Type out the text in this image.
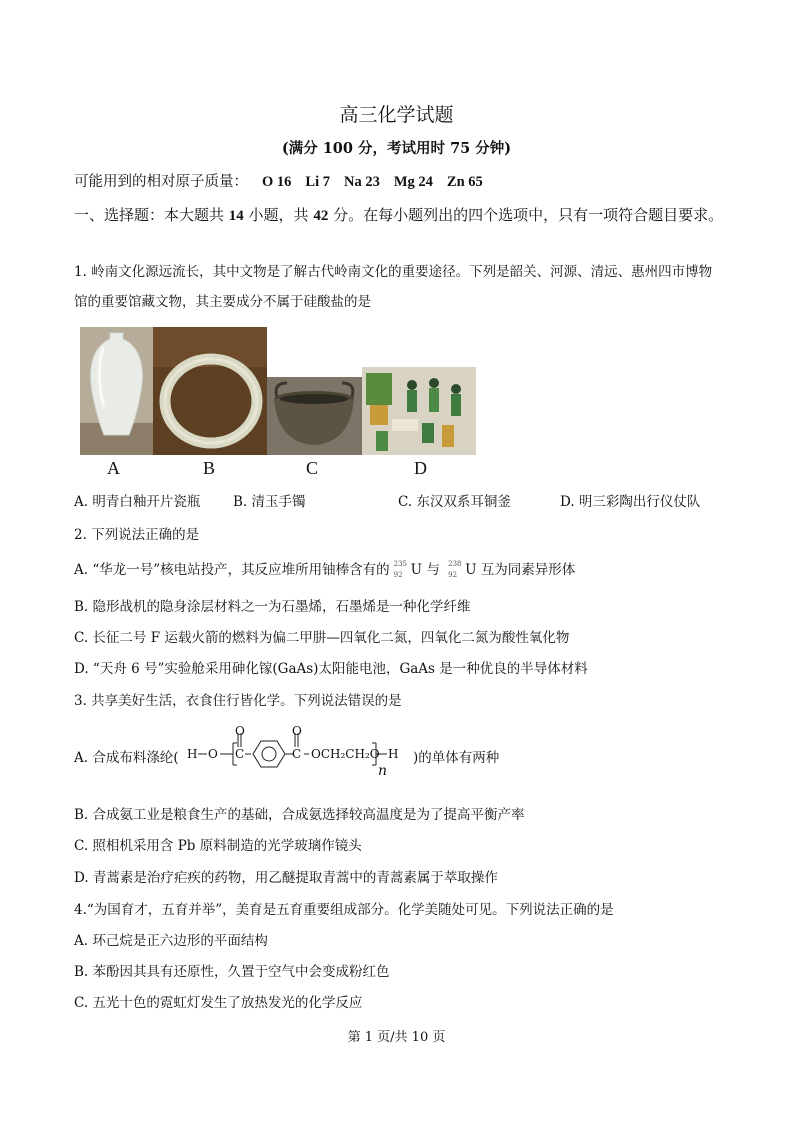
高三化学试题
(满分 100 分，考试用时 75 分钟)
可能用到的相对原子质量： O 16 Li 7 Na 23 Mg 24 Zn 65
一、选择题：本大题共 14 小题，共 42 分。在每小题列出的四个选项中，只有一项符合题目要求。
1. 岭南文化源远流长，其中文物是了解古代岭南文化的重要途径。下列是韶关、河源、清远、惠州四市博物馆的重要馆藏文物，其主要成分不属于硅酸盐的是
A	B	C	D
A. 明青白釉开片瓷瓶 B. 清玉手镯	C. 东汉双系耳铜釜	D. 明三彩陶出行仪仗队
2. 下列说法正确的是
A. “华龙一号”核电站投产，其反应堆所用铀棒含有的 235
92 U 与 238
92 U 互为同素异形体
B. 隐形战机的隐身涂层材料之一为石墨烯，石墨烯是一种化学纤维
C. 长征二号 F 运载火箭的燃料为偏二甲肼—四氧化二氮，四氧化二氮为酸性氧化物
D. “天舟 6 号”实验舱采用砷化镓(GaAs)太阳能电池，GaAs 是一种优良的半导体材料
3. 共享美好生活，衣食住行皆化学。下列说法错误的是
A. 合成布料涤纶( H O C
O
C
O
OCH₂CH₂O H
n
)的单体有两种
B. 合成氨工业是粮食生产的基础，合成氨选择较高温度是为了提高平衡产率
C. 照相机采用含 Pb 原料制造的光学玻璃作镜头
D. 青蒿素是治疗疟疾的药物，用乙醚提取青蒿中的青蒿素属于萃取操作
4.“为国育才，五育并举”，美育是五育重要组成部分。化学美随处可见。下列说法正确的是
A. 环己烷是正六边形的平面结构
B. 苯酚因其具有还原性，久置于空气中会变成粉红色
C. 五光十色的霓虹灯发生了放热发光的化学反应
第 1 页/共 10 页
